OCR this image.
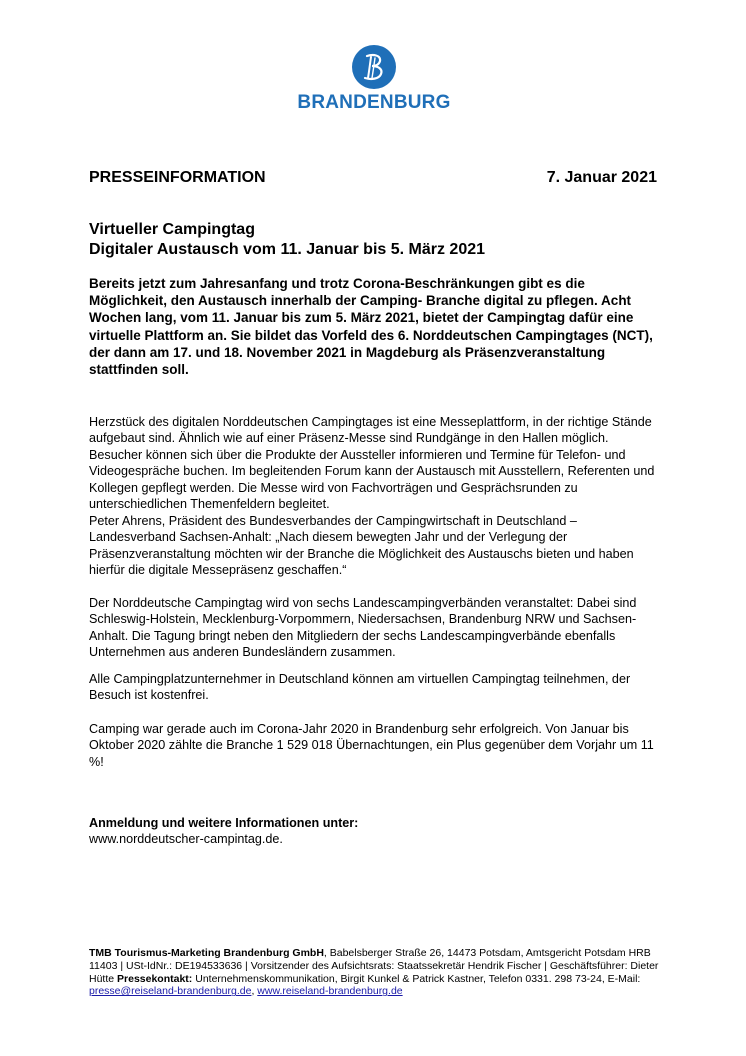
BRANDENBURG
PRESSEINFORMATION	7. Januar 2021
Virtueller Campingtag
Digitaler Austausch vom 11. Januar bis 5. März 2021
Bereits jetzt zum Jahresanfang und trotz Corona-Beschränkungen gibt es die Möglichkeit, den Austausch innerhalb der Camping- Branche digital zu pflegen. Acht Wochen lang, vom 11. Januar bis zum 5. März 2021, bietet der Campingtag dafür eine virtuelle Plattform an. Sie bildet das Vorfeld des 6. Norddeutschen Campingtages (NCT), der dann am 17. und 18. November 2021 in Magdeburg als Präsenzveranstaltung stattfinden soll.
Herzstück des digitalen Norddeutschen Campingtages ist eine Messeplattform, in der richtige Stände aufgebaut sind. Ähnlich wie auf einer Präsenz-Messe sind Rundgänge in den Hallen möglich. Besucher können sich über die Produkte der Aussteller informieren und Termine für Telefon- und Videogespräche buchen. Im begleitenden Forum kann der Austausch mit Ausstellern, Referenten und Kollegen gepflegt werden. Die Messe wird von Fachvorträgen und Gesprächsrunden zu unterschiedlichen Themenfeldern begleitet.
Peter Ahrens, Präsident des Bundesverbandes der Campingwirtschaft in Deutschland – Landesverband Sachsen-Anhalt: „Nach diesem bewegten Jahr und der Verlegung der Präsenzveranstaltung möchten wir der Branche die Möglichkeit des Austauschs bieten und haben hierfür die digitale Messepräsenz geschaffen.“
Der Norddeutsche Campingtag wird von sechs Landescampingverbänden veranstaltet: Dabei sind Schleswig-Holstein, Mecklenburg-Vorpommern, Niedersachsen, Brandenburg NRW und Sachsen-Anhalt. Die Tagung bringt neben den Mitgliedern der sechs Landescampingverbände ebenfalls Unternehmen aus anderen Bundesländern zusammen.
Alle Campingplatzunternehmer in Deutschland können am virtuellen Campingtag teilnehmen, der Besuch ist kostenfrei.
Camping war gerade auch im Corona-Jahr 2020 in Brandenburg sehr erfolgreich. Von Januar bis Oktober 2020 zählte die Branche 1 529 018 Übernachtungen, ein Plus gegenüber dem Vorjahr um 11 %!
Anmeldung und weitere Informationen unter:
www.norddeutscher-campintag.de.
TMB Tourismus-Marketing Brandenburg GmbH, Babelsberger Straße 26, 14473 Potsdam, Amtsgericht Potsdam HRB 11403 | USt-IdNr.: DE194533636 | Vorsitzender des Aufsichtsrats: Staatssekretär Hendrik Fischer | Geschäftsführer: Dieter Hütte Pressekontakt: Unternehmenskommunikation, Birgit Kunkel & Patrick Kastner, Telefon 0331. 298 73-24, E-Mail: presse@reiseland-brandenburg.de, www.reiseland-brandenburg.de
